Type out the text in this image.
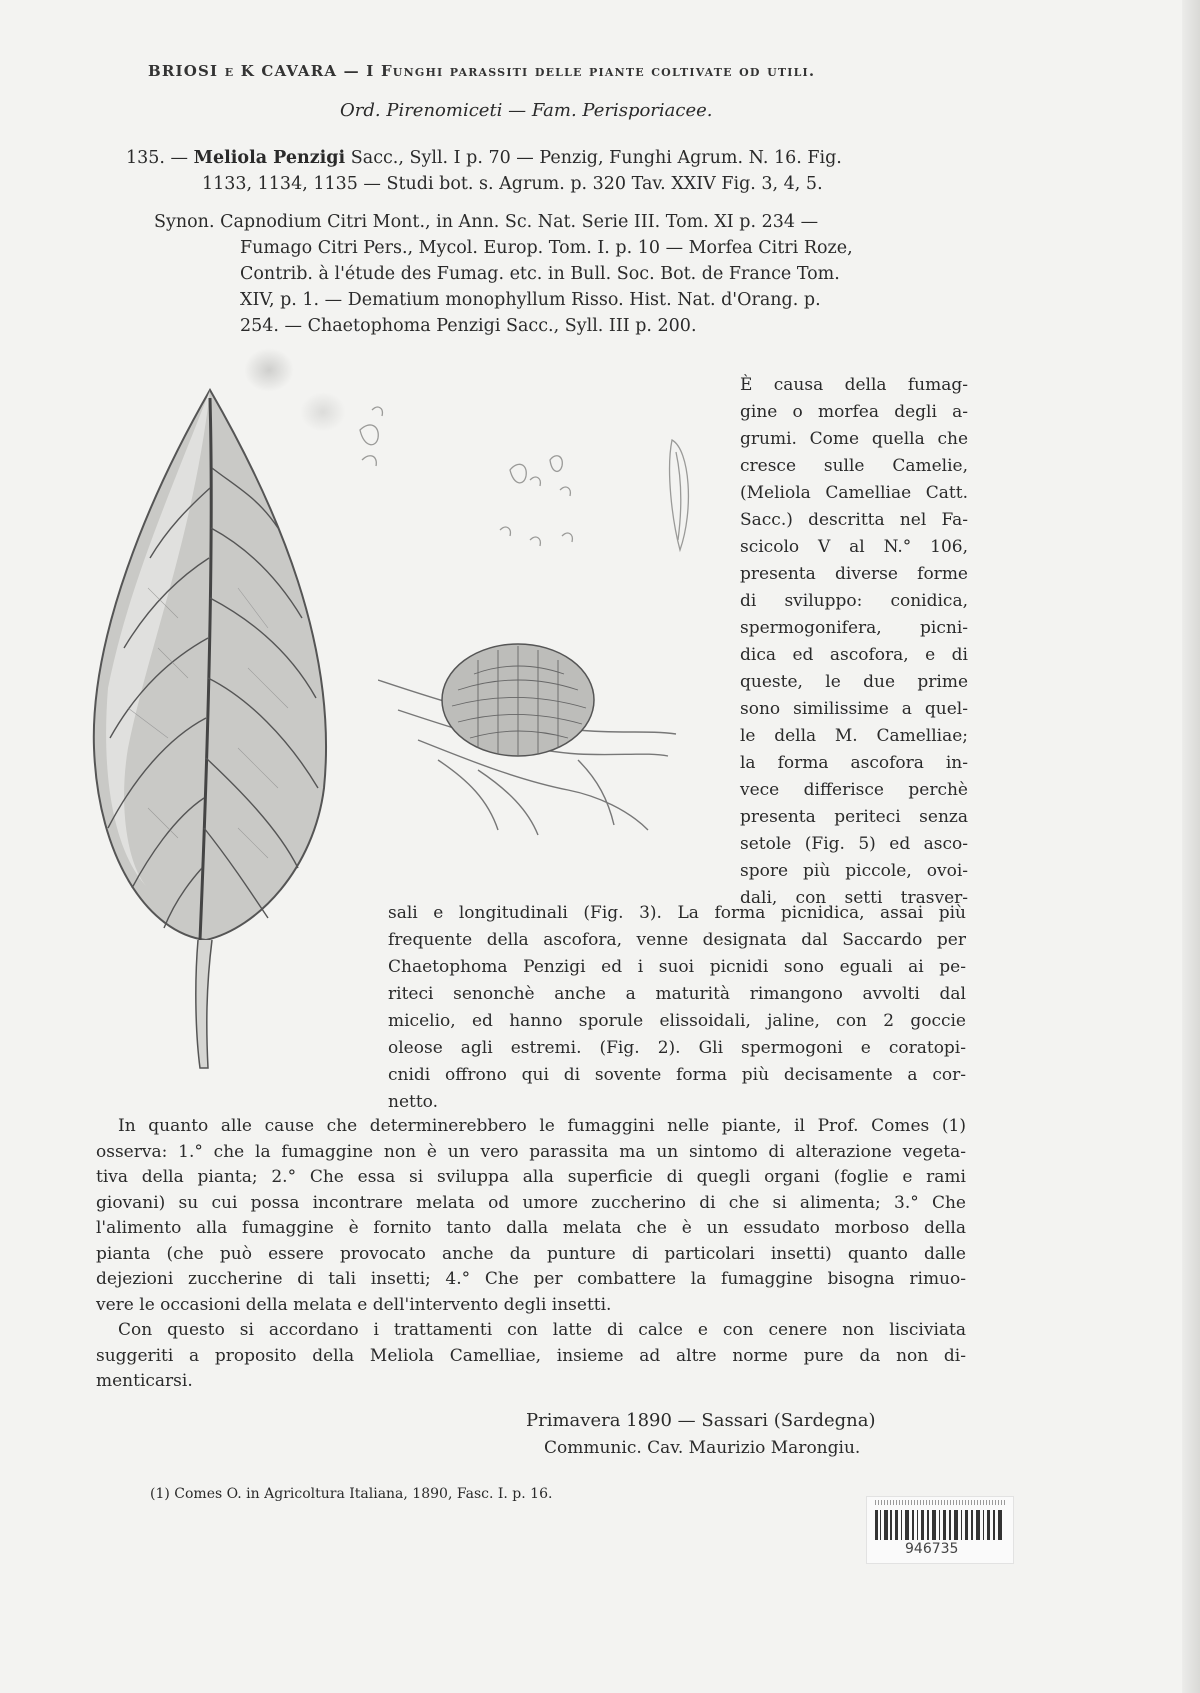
BRIOSI e K CAVARA — I Funghi parassiti delle piante coltivate od utili.

Ord. Pirenomiceti — Fam. Perisporiacee.

135. — Meliola Penzigi Sacc., Syll. I p. 70 — Penzig, Funghi Agrum. N. 16. Fig.

1133, 1134, 1135 — Studi bot. s. Agrum. p. 320 Tav. XXIV Fig. 3, 4, 5.

Synon. Capnodium Citri Mont., in Ann. Sc. Nat. Serie III. Tom. XI p. 234 —

Fumago Citri Pers., Mycol. Europ. Tom. I. p. 10 — Morfea Citri Roze,

Contrib. à l'étude des Fumag. etc. in Bull. Soc. Bot. de France Tom.

XIV, p. 1. — Dematium monophyllum Risso. Hist. Nat. d'Orang. p.

254. — Chaetophoma Penzigi Sacc., Syll. III p. 200.

È causa della fumag-
gine o morfea degli a-
grumi. Come quella che
cresce sulle Camelie,
(Meliola Camelliae Catt.
Sacc.) descritta nel Fa-
scicolo V al N.° 106,
presenta diverse forme
di sviluppo: conidica,
spermogonifera, picni-
dica ed ascofora, e di
queste, le due prime
sono similissime a quel-
le della M. Camelliae;
la forma ascofora in-
vece differisce perchè
presenta periteci senza
setole (Fig. 5) ed asco-
spore più piccole, ovoi-
dali, con setti trasver-

sali e longitudinali (Fig. 3). La forma picnidica, assai più
frequente della ascofora, venne designata dal Saccardo per
Chaetophoma Penzigi ed i suoi picnidi sono eguali ai pe-
riteci senonchè anche a maturità rimangono avvolti dal
micelio, ed hanno sporule elissoidali, jaline, con 2 goccie
oleose agli estremi. (Fig. 2). Gli spermogoni e coratopi-
cnidi offrono qui di sovente forma più decisamente a cor-
netto.

In quanto alle cause che determinerebbero le fumaggini nelle piante, il Prof. Comes (1)
osserva: 1.° che la fumaggine non è un vero parassita ma un sintomo di alterazione vegeta-
tiva della pianta; 2.° Che essa si sviluppa alla superficie di quegli organi (foglie e rami
giovani) su cui possa incontrare melata od umore zuccherino di che si alimenta; 3.° Che
l'alimento alla fumaggine è fornito tanto dalla melata che è un essudato morboso della
pianta (che può essere provocato anche da punture di particolari insetti) quanto dalle
dejezioni zuccherine di tali insetti; 4.° Che per combattere la fumaggine bisogna rimuo-
vere le occasioni della melata e dell'intervento degli insetti.
Con questo si accordano i trattamenti con latte di calce e con cenere non lisciviata
suggeriti a proposito della Meliola Camelliae, insieme ad altre norme pure da non di-
menticarsi.

Primavera 1890 — Sassari (Sardegna)

Communic. Cav. Maurizio Marongiu.

(1) Comes O. in Agricoltura Italiana, 1890, Fasc. I. p. 16.

946735
